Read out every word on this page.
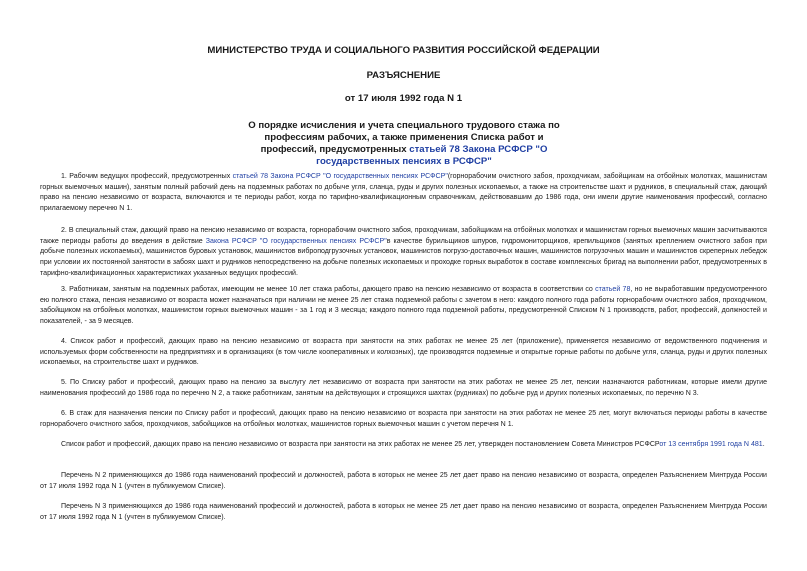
МИНИСТЕРСТВО ТРУДА И СОЦИАЛЬНОГО РАЗВИТИЯ РОССИЙСКОЙ ФЕДЕРАЦИИ
РАЗЪЯСНЕНИЕ
от 17 июля 1992 года N 1
О порядке исчисления и учета специального трудового стажа по профессиям рабочих, а также применения Списка работ и профессий, предусмотренных статьей 78 Закона РСФСР "О государственных пенсиях в РСФСР"

1. Рабочим ведущих профессий, предусмотренных статьей 78 Закона РСФСР "О государственных пенсиях РСФСР"(горнорабочим очистного забоя, проходчикам, забойщикам на отбойных молотках, машинистам горных выемочных машин), занятым полный рабочий день на подземных работах по добыче угля, сланца, руды и других полезных ископаемых, а также на строительстве шахт и рудников, в специальный стаж, дающий право на пенсию независимо от возраста, включаются и те периоды работ, когда по тарифно-квалификационным справочникам, действовавшим до 1986 года, они имели другие наименования профессий, согласно прилагаемому перечню N 1.

2. В специальный стаж, дающий право на пенсию независимо от возраста, горнорабочим очистного забоя, проходчикам, забойщикам на отбойных молотках и машинистам горных выемочных машин засчитываются также периоды работы до введения в действие Закона РСФСР "О государственных пенсиях РСФСР"в качестве бурильщиков шпуров, гидромониторщиков, крепильщиков (занятых креплением очистного забоя при добыче полезных ископаемых), машинистов буровых установок, машинистов виброподгрузочных установок, машинистов погрузо-доставочных машин, машинистов погрузочных машин и машинистов скреперных лебедок при условии их постоянной занятости в забоях шахт и рудников непосредственно на добыче полезных ископаемых и проходке горных выработок в составе комплексных бригад на выполнении работ, предусмотренных в тарифно-квалификационных характеристиках указанных ведущих профессий.

3. Работникам, занятым на подземных работах, имеющим не менее 10 лет стажа работы, дающего право на пенсию независимо от возраста в соответствии со статьей 78, но не выработавшим предусмотренного ею полного стажа, пенсия независимо от возраста может назначаться при наличии не менее 25 лет стажа подземной работы с зачетом в него: каждого полного года работы горнорабочим очистного забоя, проходчиком, забойщиком на отбойных молотках, машинистом горных выемочных машин - за 1 год и 3 месяца; каждого полного года подземной работы, предусмотренной Списком N 1 производств, работ, профессий, должностей и показателей, - за 9 месяцев.

4. Список работ и профессий, дающих право на пенсию независимо от возраста при занятости на этих работах не менее 25 лет (приложение), применяется независимо от ведомственного подчинения и используемых форм собственности на предприятиях и в организациях (в том числе кооперативных и колхозных), где производятся подземные и открытые горные работы по добыче угля, сланца, руды и других полезных ископаемых, на строительстве шахт и рудников.

5. По Списку работ и профессий, дающих право на пенсию за выслугу лет независимо от возраста при занятости на этих работах не менее 25 лет, пенсии назначаются работникам, которые имели другие наименования профессий до 1986 года по перечню N 2, а также работникам, занятым на действующих и строящихся шахтах (рудниках) по добыче руд и других полезных ископаемых, по перечню N 3.

6. В стаж для назначения пенсии по Списку работ и профессий, дающих право на пенсию независимо от возраста при занятости на этих работах не менее 25 лет, могут включаться периоды работы в качестве горнорабочего очистного забоя, проходчиков, забойщиков на отбойных молотках, машинистов горных выемочных машин с учетом перечня N 1.

Список работ и профессий, дающих право на пенсию независимо от возраста при занятости на этих работах не менее 25 лет, утвержден постановлением Совета Министров РСФСРот 13 сентября 1991 года N 481.

Перечень N 2 применяющихся до 1986 года наименований профессий и должностей, работа в которых не менее 25 лет дает право на пенсию независимо от возраста, определен Разъяснением Минтруда России от 17 июля 1992 года N 1 (учтен в публикуемом Списке).

Перечень N 3 применяющихся до 1986 года наименований профессий и должностей, работа в которых не менее 25 лет дает право на пенсию независимо от возраста, определен Разъяснением Минтруда России от 17 июля 1992 года N 1 (учтен в публикуемом Списке).
